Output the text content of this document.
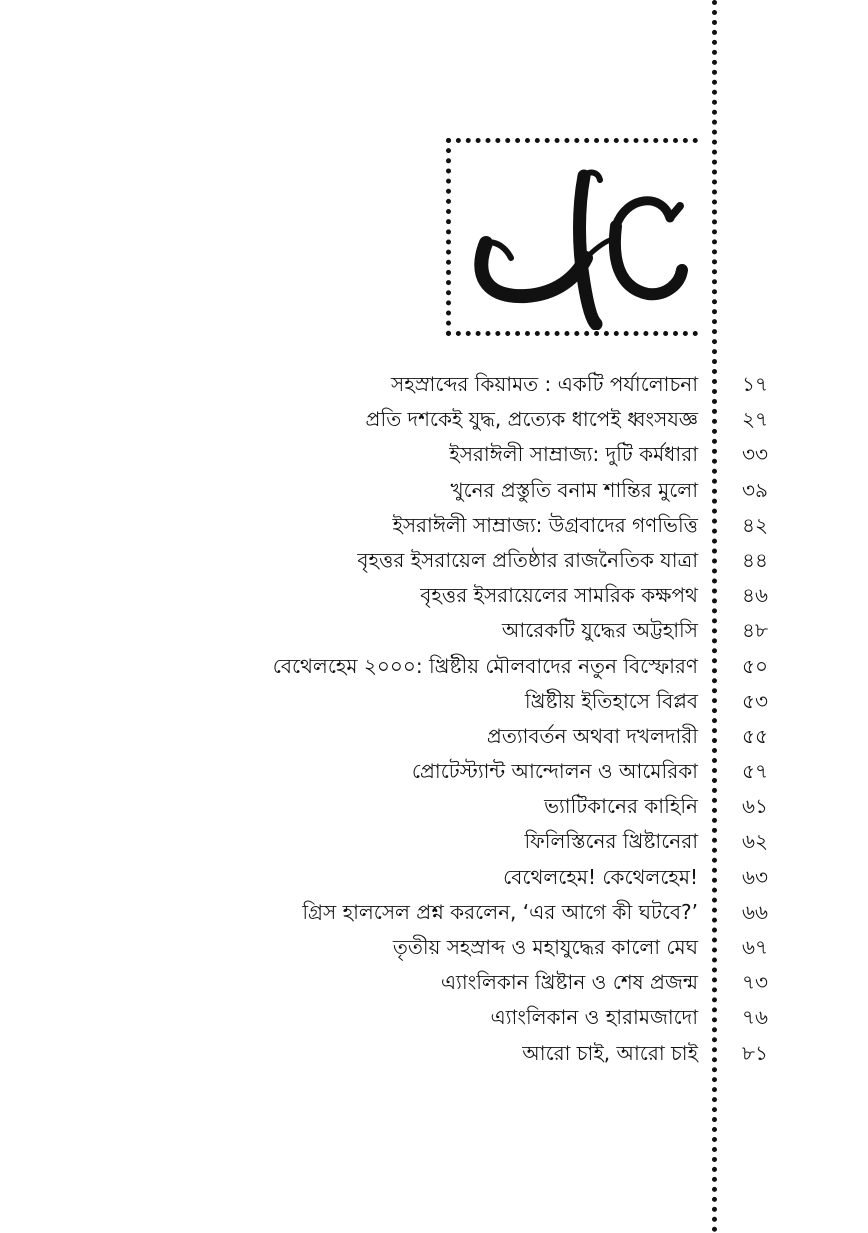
সহস্রাব্দের কিয়ামত : একটি পর্যালোচনা ১৭
প্রতি দশকেই যুদ্ধ, প্রত্যেক ধাপেই ধ্বংসযজ্ঞ ২৭
ইসরাঈলী সাম্রাজ্য: দুটি কর্মধারা ৩৩
খুনের প্রস্তুতি বনাম শান্তির মুলো ৩৯
ইসরাঈলী সাম্রাজ্য: উগ্রবাদের গণভিত্তি ৪২
বৃহত্তর ইসরায়েল প্রতিষ্ঠার রাজনৈতিক যাত্রা ৪৪
বৃহত্তর ইসরায়েলের সামরিক কক্ষপথ ৪৬
আরেকটি যুদ্ধের অট্টহাসি ৪৮
বেথেলহেম ২০০০: খ্রিষ্টীয় মৌলবাদের নতুন বিস্ফোরণ ৫০
খ্রিষ্টীয় ইতিহাসে বিপ্লব ৫৩
প্রত্যাবর্তন অথবা দখলদারী ৫৫
প্রোটেস্ট্যান্ট আন্দোলন ও আমেরিকা ৫৭
ভ্যাটিকানের কাহিনি ৬১
ফিলিস্তিনের খ্রিষ্টানেরা ৬২
বেথেলহেম! কেথেলহেম! ৬৩
গ্রিস হালসেল প্রশ্ন করলেন, ‘এর আগে কী ঘটবে?’ ৬৬
তৃতীয় সহস্রাব্দ ও মহাযুদ্ধের কালো মেঘ ৬৭
এ্যাংলিকান খ্রিষ্টান ও শেষ প্রজন্ম ৭৩
এ্যাংলিকান ও হারামজাদো ৭৬
আরো চাই, আরো চাই ৮১
